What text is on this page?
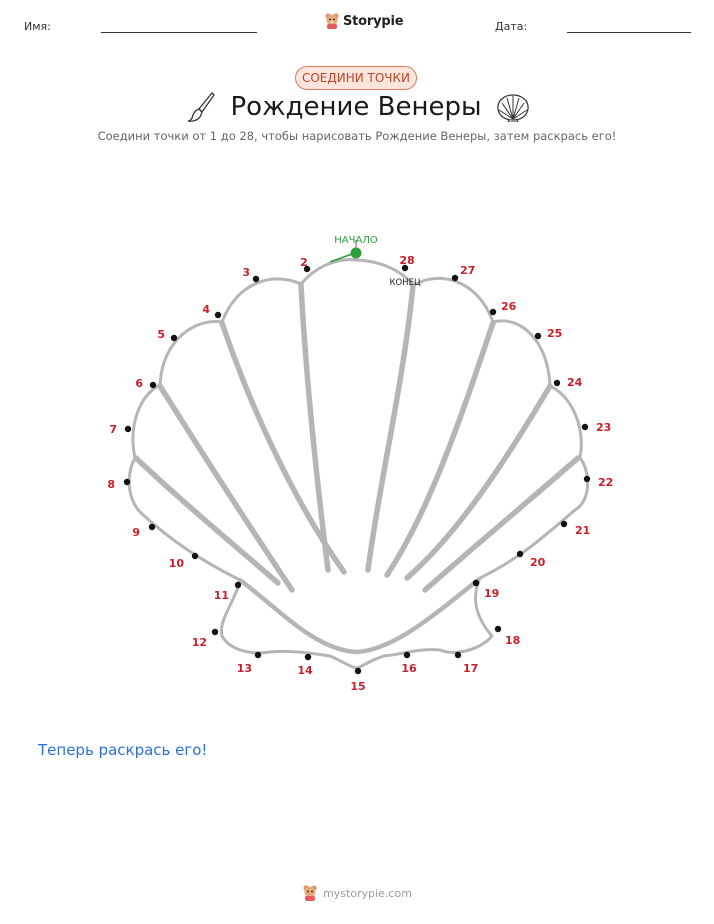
Имя:	Дата:
Storypie
СОЕДИНИ ТОЧКИ
Рождение Венеры
Соедини точки от 1 до 28, чтобы нарисовать Рождение Венеры, затем раскрась его!
НАЧАЛО
КОНЕЦ
2
3
4
5
6
7
8
9
10
11
12
13	14
15
16	17
18
19
20
21
22
23
24
25
26
27
28
Теперь раскрась его!
mystorypie.com
